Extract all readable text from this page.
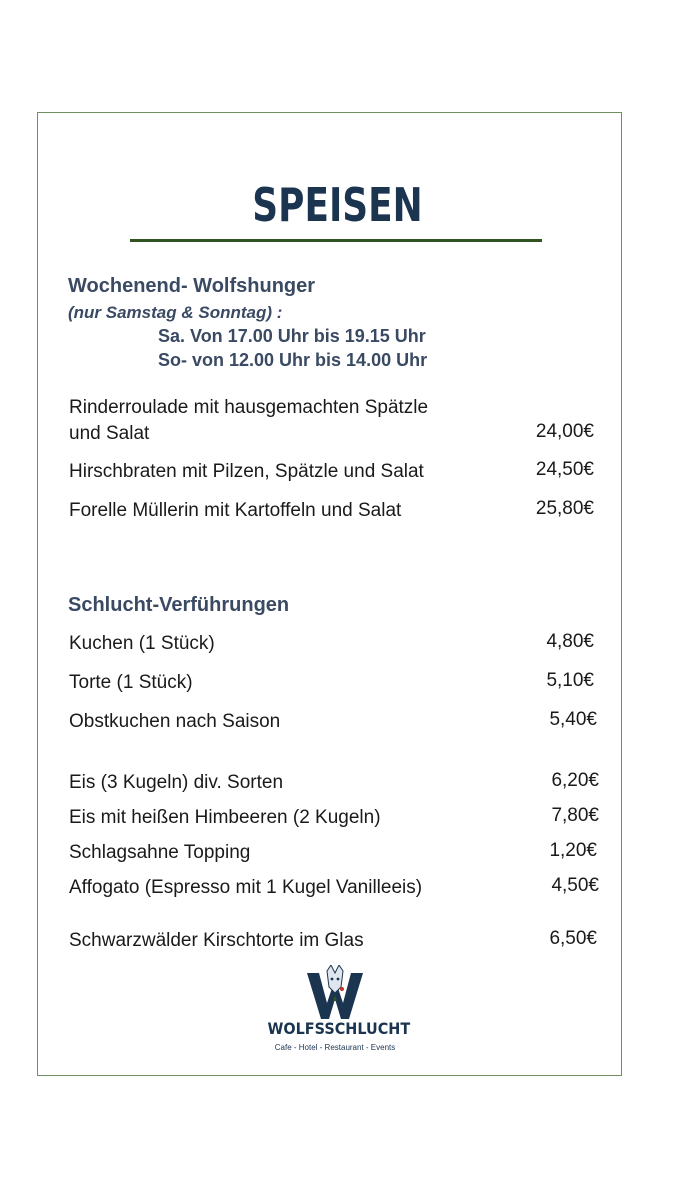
SPEISEN
Wochenend- Wolfshunger
(nur Samstag & Sonntag) :
Sa. Von 17.00 Uhr bis 19.15 Uhr
So- von 12.00 Uhr bis 14.00 Uhr
Rinderroulade mit hausgemachten Spätzle
und Salat	24,00€
Hirschbraten mit Pilzen, Spätzle und Salat	24,50€
Forelle Müllerin mit Kartoffeln und Salat	25,80€
Schlucht-Verführungen
Kuchen (1 Stück)	4,80€
Torte (1 Stück)	5,10€
Obstkuchen nach Saison	5,40€
Eis (3 Kugeln) div. Sorten	6,20€
Eis mit heißen Himbeeren (2 Kugeln)	7,80€
Schlagsahne Topping	1,20€
Affogato (Espresso mit 1 Kugel Vanilleeis)	4,50€
Schwarzwälder Kirschtorte im Glas	6,50€
WOLFSSCHLUCHT
Cafe - Hotel - Restaurant - Events
